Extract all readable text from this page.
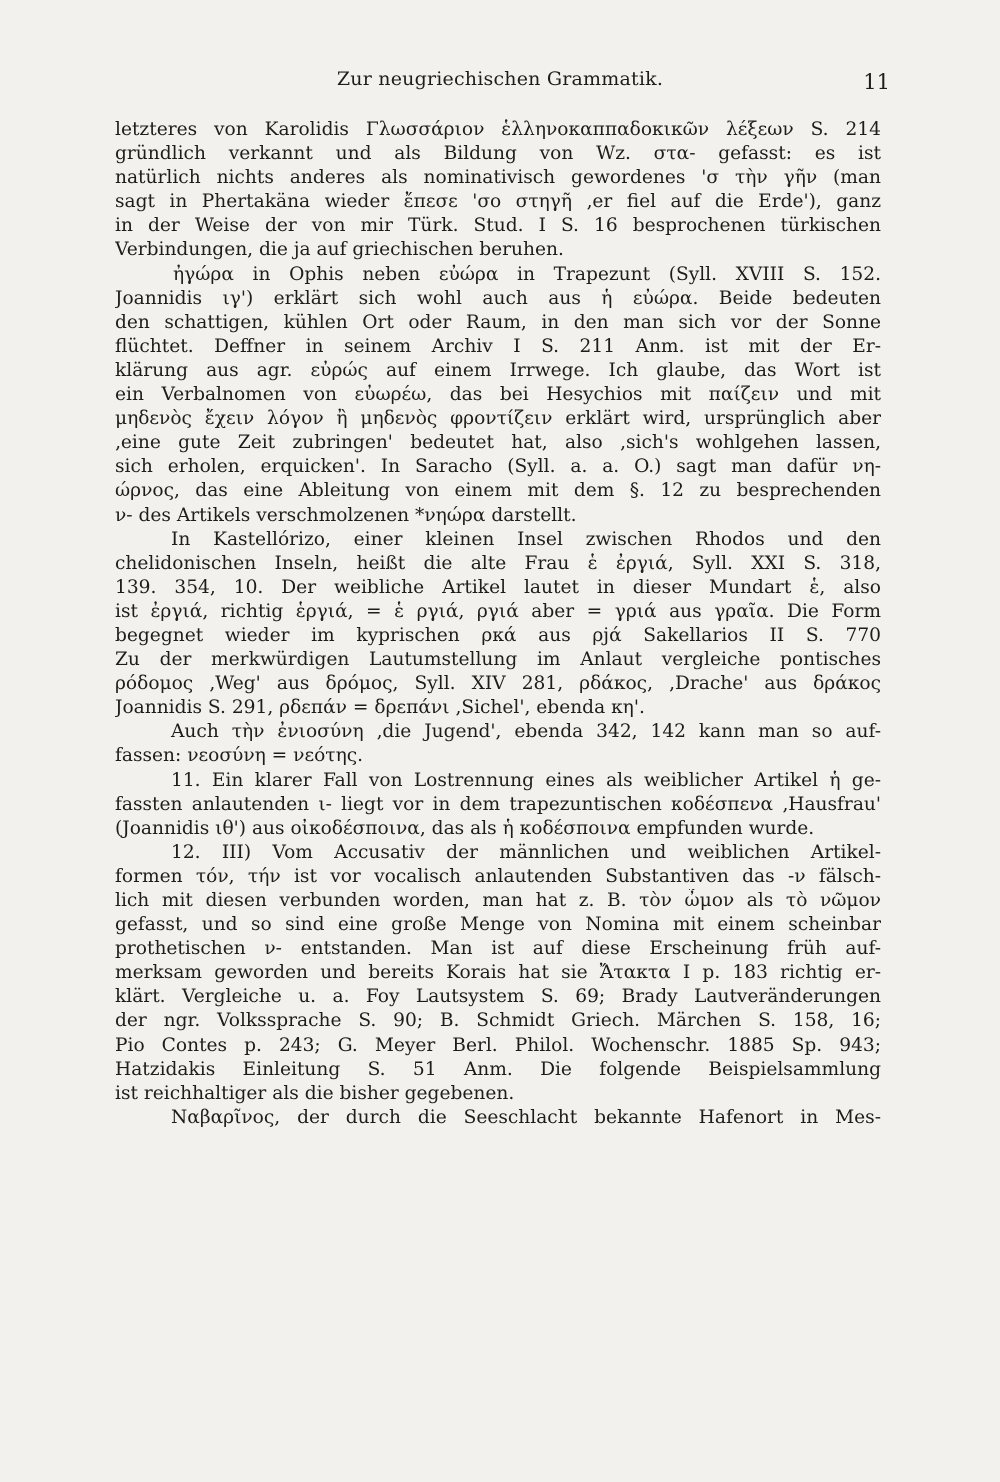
Zur neugriechischen Grammatik.	11
letzteres von Karolidis Γλωσσάριον ἑλληνοκαππαδοκικῶν λέξεων S. 214
gründlich verkannt und als Bildung von Wz. στα- gefasst: es ist
natürlich nichts anderes als nominativisch gewordenes 'σ τὴν γῆν (man
sagt in Phertakäna wieder ἔπεσε 'σο στηγῆ ‚er fiel auf die Erde'), ganz
in der Weise der von mir Türk. Stud. I S. 16 besprochenen türkischen
Verbindungen, die ja auf griechischen beruhen.
ἠγώρα in Ophis neben εὐώρα in Trapezunt (Syll. XVIII S. 152.
Joannidis ιγ') erklärt sich wohl auch aus ἡ εὐώρα. Beide bedeuten
den schattigen, kühlen Ort oder Raum, in den man sich vor der Sonne
flüchtet. Deffner in seinem Archiv I S. 211 Anm. ist mit der Er-
klärung aus agr. εὐρώς auf einem Irrwege. Ich glaube, das Wort ist
ein Verbalnomen von εὐωρέω, das bei Hesychios mit παίζειν und mit
μηδενὸς ἔχειν λόγον ἢ μηδενὸς φροντίζειν erklärt wird, ursprünglich aber
‚eine gute Zeit zubringen' bedeutet hat, also ‚sich's wohlgehen lassen,
sich erholen, erquicken'. In Saracho (Syll. a. a. O.) sagt man dafür νη-
ώρνος, das eine Ableitung von einem mit dem §. 12 zu besprechenden
ν- des Artikels verschmolzenen *νηώρα darstellt.
In Kastellórizo, einer kleinen Insel zwischen Rhodos und den
chelidonischen Inseln, heißt die alte Frau ἑ ἐργιά, Syll. XXI S. 318,
139. 354, 10. Der weibliche Artikel lautet in dieser Mundart ἑ, also
ist ἐργιά, richtig ἑργιά, = ἑ ργιά, ργιά aber = γριά aus γραῖα. Die Form
begegnet wieder im kyprischen ρκά aus ρjά Sakellarios II S. 770
Zu der merkwürdigen Lautumstellung im Anlaut vergleiche pontisches
ρόδομος ‚Weg' aus δρόμος, Syll. XIV 281, ρδάκος, ‚Drache' aus δράκος
Joannidis S. 291, ρδεπάν = δρεπάνι ‚Sichel', ebenda κη'.
Auch τὴν ἐνιοσύνη ‚die Jugend', ebenda 342, 142 kann man so auf-
fassen: νεοσύνη = νεότης.
11. Ein klarer Fall von Lostrennung eines als weiblicher Artikel ἡ ge-
fassten anlautenden ι- liegt vor in dem trapezuntischen κοδέσπενα ‚Hausfrau'
(Joannidis ιθ') aus οἰκοδέσποινα, das als ἡ κοδέσποινα empfunden wurde.
12. III) Vom Accusativ der männlichen und weiblichen Artikel-
formen τόν, τήν ist vor vocalisch anlautenden Substantiven das -ν fälsch-
lich mit diesen verbunden worden, man hat z. B. τὸν ὦμον als τὸ νῶμον
gefasst, und so sind eine große Menge von Nomina mit einem scheinbar
prothetischen ν- entstanden. Man ist auf diese Erscheinung früh auf-
merksam geworden und bereits Korais hat sie Ἄτακτα I p. 183 richtig er-
klärt. Vergleiche u. a. Foy Lautsystem S. 69; Brady Lautveränderungen
der ngr. Volkssprache S. 90; B. Schmidt Griech. Märchen S. 158, 16;
Pio Contes p. 243; G. Meyer Berl. Philol. Wochenschr. 1885 Sp. 943;
Hatzidakis Einleitung S. 51 Anm. Die folgende Beispielsammlung
ist reichhaltiger als die bisher gegebenen.
Ναβαρῖνος, der durch die Seeschlacht bekannte Hafenort in Mes-
